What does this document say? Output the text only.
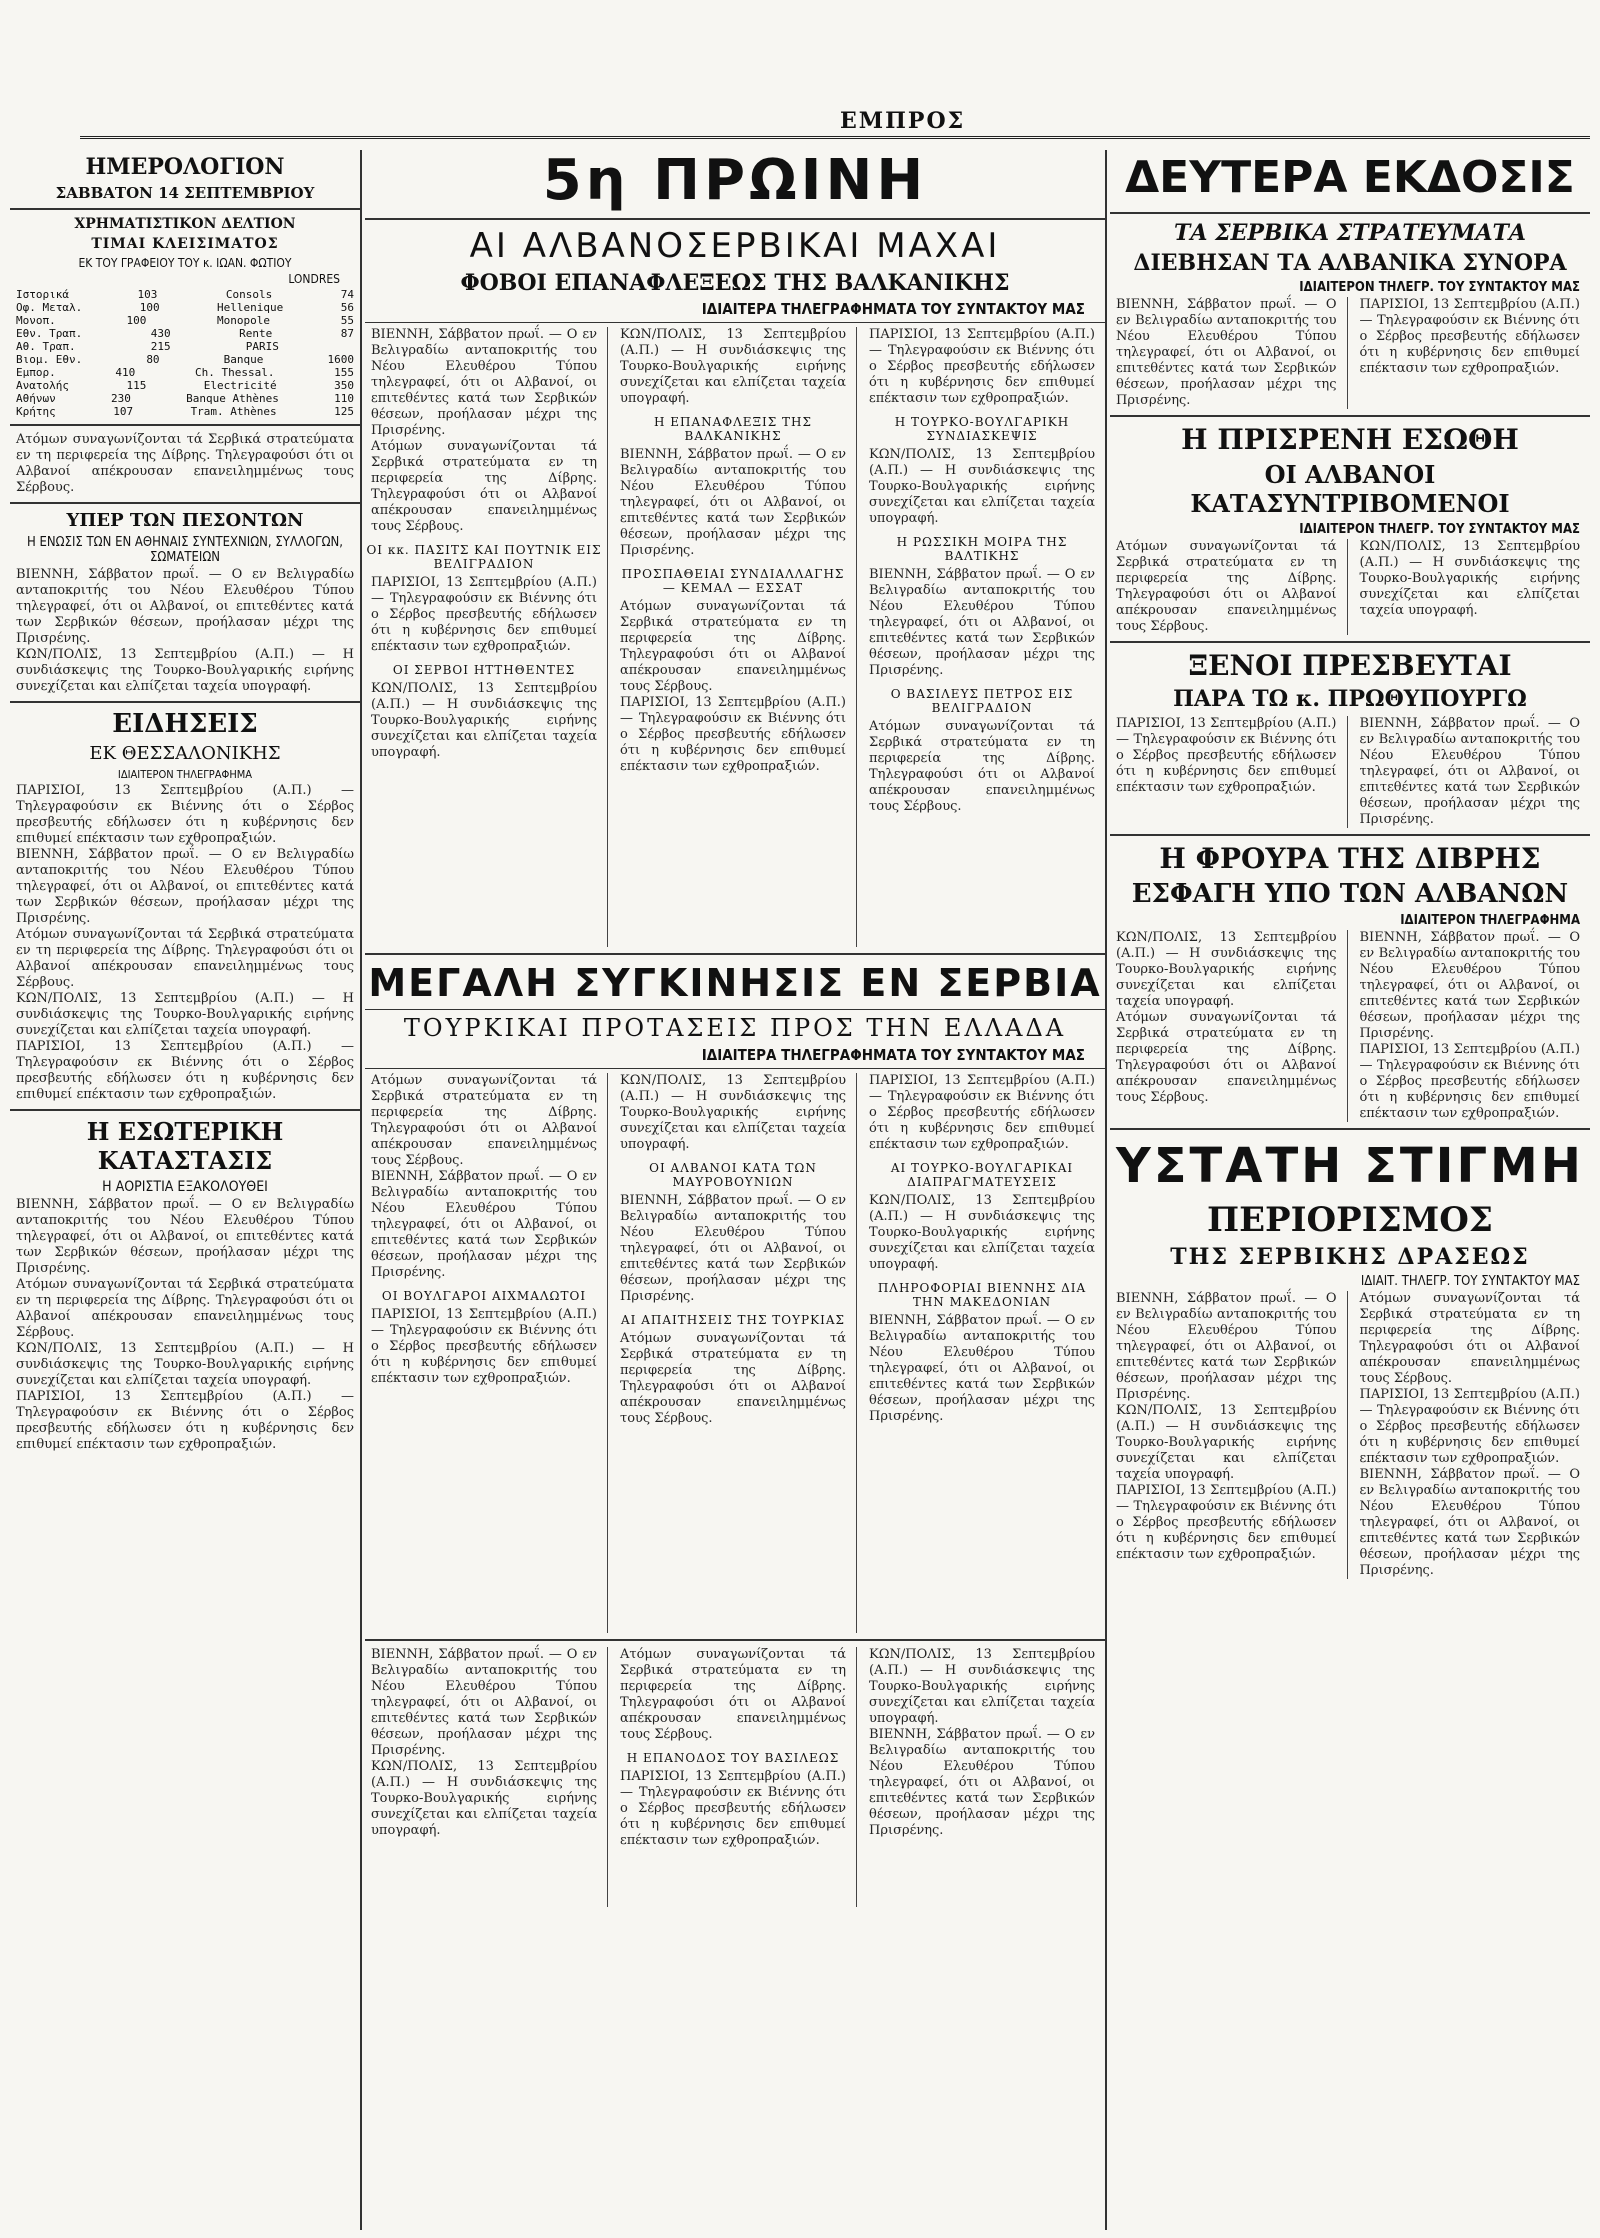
ΕΜΠΡΟΣ
ΗΜΕΡΟΛΟΓΙΟΝ
ΣΑΒΒΑΤΟΝ 14 ΣΕΠΤΕΜΒΡΙΟΥ
ΧΡΗΜΑΤΙΣΤΙΚΟΝ ΔΕΛΤΙΟΝ
ΤΙΜΑΙ ΚΛΕΙΣΙΜΑΤΟΣ
ΕΚ ΤΟΥ ΓΡΑΦΕΙΟΥ ΤΟΥ κ. ΙΩΑΝ. ΦΩΤΙΟΥ
LONDRES
Ιστορικά	103	Consols	74
Οφ. Μεταλ.	100	Hellenique	56
Μονοπ.	100	Monopole	55
Εθν. Τραπ.	430	Rente	87
Αθ. Τραπ.	215	PARIS
Βιομ. Εθν.	80	Banque	1600
Εμπορ.	410	Ch. Thessal.	155
Ανατολής	115	Electricité	350
Αθήνων	230	Banque Athènes	110
Κρήτης	107	Tram. Athènes	125
Ατόμων συναγωνίζονται τά Σερβικά στρατεύματα εν τη περιφερεία της Δίβρης. Τηλεγραφούσι ότι οι Αλβανοί απέκρουσαν επανειλημμένως τους Σέρβους.
ΥΠΕΡ ΤΩΝ ΠΕΣΟΝΤΩΝ
Η ΕΝΩΣΙΣ ΤΩΝ ΕΝ ΑΘΗΝΑΙΣ ΣΥΝΤΕΧΝΙΩΝ, ΣΥΛΛΟΓΩΝ, ΣΩΜΑΤΕΙΩΝ
ΒΙΕΝΝΗ, Σάββατον πρωΐ. — Ο εν Βελιγραδίω ανταποκριτής του Νέου Ελευθέρου Τύπου τηλεγραφεί, ότι οι Αλβανοί, οι επιτεθέντες κατά των Σερβικών θέσεων, προήλασαν μέχρι της Πρισρένης.
ΚΩΝ/ΠΟΛΙΣ, 13 Σεπτεμβρίου (Α.Π.) — Η συνδιάσκεψις της Τουρκο-Βουλγαρικής ειρήνης συνεχίζεται και ελπίζεται ταχεία υπογραφή.
ΕΙΔΗΣΕΙΣ
ΕΚ ΘΕΣΣΑΛΟΝΙΚΗΣ
ΙΔΙΑΙΤΕΡΟΝ ΤΗΛΕΓΡΑΦΗΜΑ
ΠΑΡΙΣΙΟΙ, 13 Σεπτεμβρίου (Α.Π.) — Τηλεγραφούσιν εκ Βιέννης ότι ο Σέρβος πρεσβευτής εδήλωσεν ότι η κυβέρνησις δεν επιθυμεί επέκτασιν των εχθροπραξιών.
ΒΙΕΝΝΗ, Σάββατον πρωΐ. — Ο εν Βελιγραδίω ανταποκριτής του Νέου Ελευθέρου Τύπου τηλεγραφεί, ότι οι Αλβανοί, οι επιτεθέντες κατά των Σερβικών θέσεων, προήλασαν μέχρι της Πρισρένης.
Ατόμων συναγωνίζονται τά Σερβικά στρατεύματα εν τη περιφερεία της Δίβρης. Τηλεγραφούσι ότι οι Αλβανοί απέκρουσαν επανειλημμένως τους Σέρβους.
ΚΩΝ/ΠΟΛΙΣ, 13 Σεπτεμβρίου (Α.Π.) — Η συνδιάσκεψις της Τουρκο-Βουλγαρικής ειρήνης συνεχίζεται και ελπίζεται ταχεία υπογραφή.
ΠΑΡΙΣΙΟΙ, 13 Σεπτεμβρίου (Α.Π.) — Τηλεγραφούσιν εκ Βιέννης ότι ο Σέρβος πρεσβευτής εδήλωσεν ότι η κυβέρνησις δεν επιθυμεί επέκτασιν των εχθροπραξιών.
Η ΕΣΩΤΕΡΙΚΗ ΚΑΤΑΣΤΑΣΙΣ
Η ΑΟΡΙΣΤΙΑ ΕΞΑΚΟΛΟΥΘΕΙ
ΒΙΕΝΝΗ, Σάββατον πρωΐ. — Ο εν Βελιγραδίω ανταποκριτής του Νέου Ελευθέρου Τύπου τηλεγραφεί, ότι οι Αλβανοί, οι επιτεθέντες κατά των Σερβικών θέσεων, προήλασαν μέχρι της Πρισρένης.
Ατόμων συναγωνίζονται τά Σερβικά στρατεύματα εν τη περιφερεία της Δίβρης. Τηλεγραφούσι ότι οι Αλβανοί απέκρουσαν επανειλημμένως τους Σέρβους.
ΚΩΝ/ΠΟΛΙΣ, 13 Σεπτεμβρίου (Α.Π.) — Η συνδιάσκεψις της Τουρκο-Βουλγαρικής ειρήνης συνεχίζεται και ελπίζεται ταχεία υπογραφή.
ΠΑΡΙΣΙΟΙ, 13 Σεπτεμβρίου (Α.Π.) — Τηλεγραφούσιν εκ Βιέννης ότι ο Σέρβος πρεσβευτής εδήλωσεν ότι η κυβέρνησις δεν επιθυμεί επέκτασιν των εχθροπραξιών.
5η ΠΡΩΙΝΗ
ΑΙ ΑΛΒΑΝΟΣΕΡΒΙΚΑΙ ΜΑΧΑΙ
ΦΟΒΟΙ ΕΠΑΝΑΦΛΕΞΕΩΣ ΤΗΣ ΒΑΛΚΑΝΙΚΗΣ
ΙΔΙΑΙΤΕΡΑ ΤΗΛΕΓΡΑΦΗΜΑΤΑ ΤΟΥ ΣΥΝΤΑΚΤΟΥ ΜΑΣ
ΒΙΕΝΝΗ, Σάββατον πρωΐ. — Ο εν Βελιγραδίω ανταποκριτής του Νέου Ελευθέρου Τύπου τηλεγραφεί, ότι οι Αλβανοί, οι επιτεθέντες κατά των Σερβικών θέσεων, προήλασαν μέχρι της Πρισρένης.
Ατόμων συναγωνίζονται τά Σερβικά στρατεύματα εν τη περιφερεία της Δίβρης. Τηλεγραφούσι ότι οι Αλβανοί απέκρουσαν επανειλημμένως τους Σέρβους.
ΟΙ κκ. ΠΑΣΙΤΣ ΚΑΙ ΠΟΥΤΝΙΚ ΕΙΣ ΒΕΛΙΓΡΑΔΙΟΝ
ΠΑΡΙΣΙΟΙ, 13 Σεπτεμβρίου (Α.Π.) — Τηλεγραφούσιν εκ Βιέννης ότι ο Σέρβος πρεσβευτής εδήλωσεν ότι η κυβέρνησις δεν επιθυμεί επέκτασιν των εχθροπραξιών.
ΟΙ ΣΕΡΒΟΙ ΗΤΤΗΘΕΝΤΕΣ
ΚΩΝ/ΠΟΛΙΣ, 13 Σεπτεμβρίου (Α.Π.) — Η συνδιάσκεψις της Τουρκο-Βουλγαρικής ειρήνης συνεχίζεται και ελπίζεται ταχεία υπογραφή.
ΚΩΝ/ΠΟΛΙΣ, 13 Σεπτεμβρίου (Α.Π.) — Η συνδιάσκεψις της Τουρκο-Βουλγαρικής ειρήνης συνεχίζεται και ελπίζεται ταχεία υπογραφή.
Η ΕΠΑΝΑΦΛΕΞΙΣ ΤΗΣ ΒΑΛΚΑΝΙΚΗΣ
ΒΙΕΝΝΗ, Σάββατον πρωΐ. — Ο εν Βελιγραδίω ανταποκριτής του Νέου Ελευθέρου Τύπου τηλεγραφεί, ότι οι Αλβανοί, οι επιτεθέντες κατά των Σερβικών θέσεων, προήλασαν μέχρι της Πρισρένης.
ΠΡΟΣΠΑΘΕΙΑΙ ΣΥΝΔΙΑΛΛΑΓΗΣ — ΚΕΜΑΛ — ΕΣΣΑΤ
Ατόμων συναγωνίζονται τά Σερβικά στρατεύματα εν τη περιφερεία της Δίβρης. Τηλεγραφούσι ότι οι Αλβανοί απέκρουσαν επανειλημμένως τους Σέρβους.
ΠΑΡΙΣΙΟΙ, 13 Σεπτεμβρίου (Α.Π.) — Τηλεγραφούσιν εκ Βιέννης ότι ο Σέρβος πρεσβευτής εδήλωσεν ότι η κυβέρνησις δεν επιθυμεί επέκτασιν των εχθροπραξιών.
ΠΑΡΙΣΙΟΙ, 13 Σεπτεμβρίου (Α.Π.) — Τηλεγραφούσιν εκ Βιέννης ότι ο Σέρβος πρεσβευτής εδήλωσεν ότι η κυβέρνησις δεν επιθυμεί επέκτασιν των εχθροπραξιών.
Η ΤΟΥΡΚΟ-ΒΟΥΛΓΑΡΙΚΗ ΣΥΝΔΙΑΣΚΕΨΙΣ
ΚΩΝ/ΠΟΛΙΣ, 13 Σεπτεμβρίου (Α.Π.) — Η συνδιάσκεψις της Τουρκο-Βουλγαρικής ειρήνης συνεχίζεται και ελπίζεται ταχεία υπογραφή.
Η ΡΩΣΣΙΚΗ ΜΟΙΡΑ ΤΗΣ ΒΑΛΤΙΚΗΣ
ΒΙΕΝΝΗ, Σάββατον πρωΐ. — Ο εν Βελιγραδίω ανταποκριτής του Νέου Ελευθέρου Τύπου τηλεγραφεί, ότι οι Αλβανοί, οι επιτεθέντες κατά των Σερβικών θέσεων, προήλασαν μέχρι της Πρισρένης.
Ο ΒΑΣΙΛΕΥΣ ΠΕΤΡΟΣ ΕΙΣ ΒΕΛΙΓΡΑΔΙΟΝ
Ατόμων συναγωνίζονται τά Σερβικά στρατεύματα εν τη περιφερεία της Δίβρης. Τηλεγραφούσι ότι οι Αλβανοί απέκρουσαν επανειλημμένως τους Σέρβους.
ΜΕΓΑΛΗ ΣΥΓΚΙΝΗΣΙΣ ΕΝ ΣΕΡΒΙΑ
ΤΟΥΡΚΙΚΑΙ ΠΡΟΤΑΣΕΙΣ ΠΡΟΣ ΤΗΝ ΕΛΛΑΔΑ
ΙΔΙΑΙΤΕΡΑ ΤΗΛΕΓΡΑΦΗΜΑΤΑ ΤΟΥ ΣΥΝΤΑΚΤΟΥ ΜΑΣ
Ατόμων συναγωνίζονται τά Σερβικά στρατεύματα εν τη περιφερεία της Δίβρης. Τηλεγραφούσι ότι οι Αλβανοί απέκρουσαν επανειλημμένως τους Σέρβους.
ΒΙΕΝΝΗ, Σάββατον πρωΐ. — Ο εν Βελιγραδίω ανταποκριτής του Νέου Ελευθέρου Τύπου τηλεγραφεί, ότι οι Αλβανοί, οι επιτεθέντες κατά των Σερβικών θέσεων, προήλασαν μέχρι της Πρισρένης.
ΟΙ ΒΟΥΛΓΑΡΟΙ ΑΙΧΜΑΛΩΤΟΙ
ΠΑΡΙΣΙΟΙ, 13 Σεπτεμβρίου (Α.Π.) — Τηλεγραφούσιν εκ Βιέννης ότι ο Σέρβος πρεσβευτής εδήλωσεν ότι η κυβέρνησις δεν επιθυμεί επέκτασιν των εχθροπραξιών.
ΚΩΝ/ΠΟΛΙΣ, 13 Σεπτεμβρίου (Α.Π.) — Η συνδιάσκεψις της Τουρκο-Βουλγαρικής ειρήνης συνεχίζεται και ελπίζεται ταχεία υπογραφή.
ΟΙ ΑΛΒΑΝΟΙ ΚΑΤΑ ΤΩΝ ΜΑΥΡΟΒΟΥΝΙΩΝ
ΒΙΕΝΝΗ, Σάββατον πρωΐ. — Ο εν Βελιγραδίω ανταποκριτής του Νέου Ελευθέρου Τύπου τηλεγραφεί, ότι οι Αλβανοί, οι επιτεθέντες κατά των Σερβικών θέσεων, προήλασαν μέχρι της Πρισρένης.
ΑΙ ΑΠΑΙΤΗΣΕΙΣ ΤΗΣ ΤΟΥΡΚΙΑΣ
Ατόμων συναγωνίζονται τά Σερβικά στρατεύματα εν τη περιφερεία της Δίβρης. Τηλεγραφούσι ότι οι Αλβανοί απέκρουσαν επανειλημμένως τους Σέρβους.
ΠΑΡΙΣΙΟΙ, 13 Σεπτεμβρίου (Α.Π.) — Τηλεγραφούσιν εκ Βιέννης ότι ο Σέρβος πρεσβευτής εδήλωσεν ότι η κυβέρνησις δεν επιθυμεί επέκτασιν των εχθροπραξιών.
ΑΙ ΤΟΥΡΚΟ-ΒΟΥΛΓΑΡΙΚΑΙ ΔΙΑΠΡΑΓΜΑΤΕΥΣΕΙΣ
ΚΩΝ/ΠΟΛΙΣ, 13 Σεπτεμβρίου (Α.Π.) — Η συνδιάσκεψις της Τουρκο-Βουλγαρικής ειρήνης συνεχίζεται και ελπίζεται ταχεία υπογραφή.
ΠΛΗΡΟΦΟΡΙΑΙ ΒΙΕΝΝΗΣ ΔΙΑ ΤΗΝ ΜΑΚΕΔΟΝΙΑΝ
ΒΙΕΝΝΗ, Σάββατον πρωΐ. — Ο εν Βελιγραδίω ανταποκριτής του Νέου Ελευθέρου Τύπου τηλεγραφεί, ότι οι Αλβανοί, οι επιτεθέντες κατά των Σερβικών θέσεων, προήλασαν μέχρι της Πρισρένης.
ΒΙΕΝΝΗ, Σάββατον πρωΐ. — Ο εν Βελιγραδίω ανταποκριτής του Νέου Ελευθέρου Τύπου τηλεγραφεί, ότι οι Αλβανοί, οι επιτεθέντες κατά των Σερβικών θέσεων, προήλασαν μέχρι της Πρισρένης.
ΚΩΝ/ΠΟΛΙΣ, 13 Σεπτεμβρίου (Α.Π.) — Η συνδιάσκεψις της Τουρκο-Βουλγαρικής ειρήνης συνεχίζεται και ελπίζεται ταχεία υπογραφή.
Ατόμων συναγωνίζονται τά Σερβικά στρατεύματα εν τη περιφερεία της Δίβρης. Τηλεγραφούσι ότι οι Αλβανοί απέκρουσαν επανειλημμένως τους Σέρβους.
Η ΕΠΑΝΟΔΟΣ ΤΟΥ ΒΑΣΙΛΕΩΣ
ΠΑΡΙΣΙΟΙ, 13 Σεπτεμβρίου (Α.Π.) — Τηλεγραφούσιν εκ Βιέννης ότι ο Σέρβος πρεσβευτής εδήλωσεν ότι η κυβέρνησις δεν επιθυμεί επέκτασιν των εχθροπραξιών.
ΚΩΝ/ΠΟΛΙΣ, 13 Σεπτεμβρίου (Α.Π.) — Η συνδιάσκεψις της Τουρκο-Βουλγαρικής ειρήνης συνεχίζεται και ελπίζεται ταχεία υπογραφή.
ΒΙΕΝΝΗ, Σάββατον πρωΐ. — Ο εν Βελιγραδίω ανταποκριτής του Νέου Ελευθέρου Τύπου τηλεγραφεί, ότι οι Αλβανοί, οι επιτεθέντες κατά των Σερβικών θέσεων, προήλασαν μέχρι της Πρισρένης.
ΔΕΥΤΕΡΑ ΕΚΔΟΣΙΣ
ΤΑ ΣΕΡΒΙΚΑ ΣΤΡΑΤΕΥΜΑΤΑ
ΔΙΕΒΗΣΑΝ ΤΑ ΑΛΒΑΝΙΚΑ ΣΥΝΟΡΑ
ΙΔΙΑΙΤΕΡΟΝ ΤΗΛΕΓΡ. ΤΟΥ ΣΥΝΤΑΚΤΟΥ ΜΑΣ
ΒΙΕΝΝΗ, Σάββατον πρωΐ. — Ο εν Βελιγραδίω ανταποκριτής του Νέου Ελευθέρου Τύπου τηλεγραφεί, ότι οι Αλβανοί, οι επιτεθέντες κατά των Σερβικών θέσεων, προήλασαν μέχρι της Πρισρένης.
ΠΑΡΙΣΙΟΙ, 13 Σεπτεμβρίου (Α.Π.) — Τηλεγραφούσιν εκ Βιέννης ότι ο Σέρβος πρεσβευτής εδήλωσεν ότι η κυβέρνησις δεν επιθυμεί επέκτασιν των εχθροπραξιών.
Η ΠΡΙΣΡΕΝΗ ΕΣΩΘΗ
ΟΙ ΑΛΒΑΝΟΙ ΚΑΤΑΣΥΝΤΡΙΒΟΜΕΝΟΙ
ΙΔΙΑΙΤΕΡΟΝ ΤΗΛΕΓΡ. ΤΟΥ ΣΥΝΤΑΚΤΟΥ ΜΑΣ
Ατόμων συναγωνίζονται τά Σερβικά στρατεύματα εν τη περιφερεία της Δίβρης. Τηλεγραφούσι ότι οι Αλβανοί απέκρουσαν επανειλημμένως τους Σέρβους.
ΚΩΝ/ΠΟΛΙΣ, 13 Σεπτεμβρίου (Α.Π.) — Η συνδιάσκεψις της Τουρκο-Βουλγαρικής ειρήνης συνεχίζεται και ελπίζεται ταχεία υπογραφή.
ΞΕΝΟΙ ΠΡΕΣΒΕΥΤΑΙ
ΠΑΡΑ ΤΩ κ. ΠΡΩΘΥΠΟΥΡΓΩ
ΠΑΡΙΣΙΟΙ, 13 Σεπτεμβρίου (Α.Π.) — Τηλεγραφούσιν εκ Βιέννης ότι ο Σέρβος πρεσβευτής εδήλωσεν ότι η κυβέρνησις δεν επιθυμεί επέκτασιν των εχθροπραξιών.
ΒΙΕΝΝΗ, Σάββατον πρωΐ. — Ο εν Βελιγραδίω ανταποκριτής του Νέου Ελευθέρου Τύπου τηλεγραφεί, ότι οι Αλβανοί, οι επιτεθέντες κατά των Σερβικών θέσεων, προήλασαν μέχρι της Πρισρένης.
Η ΦΡΟΥΡΑ ΤΗΣ ΔΙΒΡΗΣ
ΕΣΦΑΓΗ ΥΠΟ ΤΩΝ ΑΛΒΑΝΩΝ
ΙΔΙΑΙΤΕΡΟΝ ΤΗΛΕΓΡΑΦΗΜΑ
ΚΩΝ/ΠΟΛΙΣ, 13 Σεπτεμβρίου (Α.Π.) — Η συνδιάσκεψις της Τουρκο-Βουλγαρικής ειρήνης συνεχίζεται και ελπίζεται ταχεία υπογραφή.
Ατόμων συναγωνίζονται τά Σερβικά στρατεύματα εν τη περιφερεία της Δίβρης. Τηλεγραφούσι ότι οι Αλβανοί απέκρουσαν επανειλημμένως τους Σέρβους.
ΒΙΕΝΝΗ, Σάββατον πρωΐ. — Ο εν Βελιγραδίω ανταποκριτής του Νέου Ελευθέρου Τύπου τηλεγραφεί, ότι οι Αλβανοί, οι επιτεθέντες κατά των Σερβικών θέσεων, προήλασαν μέχρι της Πρισρένης.
ΠΑΡΙΣΙΟΙ, 13 Σεπτεμβρίου (Α.Π.) — Τηλεγραφούσιν εκ Βιέννης ότι ο Σέρβος πρεσβευτής εδήλωσεν ότι η κυβέρνησις δεν επιθυμεί επέκτασιν των εχθροπραξιών.
ΥΣΤΑΤΗ ΣΤΙΓΜΗ
ΠΕΡΙΟΡΙΣΜΟΣ
ΤΗΣ ΣΕΡΒΙΚΗΣ ΔΡΑΣΕΩΣ
ΙΔΙΑΙΤ. ΤΗΛΕΓΡ. ΤΟΥ ΣΥΝΤΑΚΤΟΥ ΜΑΣ
ΒΙΕΝΝΗ, Σάββατον πρωΐ. — Ο εν Βελιγραδίω ανταποκριτής του Νέου Ελευθέρου Τύπου τηλεγραφεί, ότι οι Αλβανοί, οι επιτεθέντες κατά των Σερβικών θέσεων, προήλασαν μέχρι της Πρισρένης.
ΚΩΝ/ΠΟΛΙΣ, 13 Σεπτεμβρίου (Α.Π.) — Η συνδιάσκεψις της Τουρκο-Βουλγαρικής ειρήνης συνεχίζεται και ελπίζεται ταχεία υπογραφή.
ΠΑΡΙΣΙΟΙ, 13 Σεπτεμβρίου (Α.Π.) — Τηλεγραφούσιν εκ Βιέννης ότι ο Σέρβος πρεσβευτής εδήλωσεν ότι η κυβέρνησις δεν επιθυμεί επέκτασιν των εχθροπραξιών.
Ατόμων συναγωνίζονται τά Σερβικά στρατεύματα εν τη περιφερεία της Δίβρης. Τηλεγραφούσι ότι οι Αλβανοί απέκρουσαν επανειλημμένως τους Σέρβους.
ΠΑΡΙΣΙΟΙ, 13 Σεπτεμβρίου (Α.Π.) — Τηλεγραφούσιν εκ Βιέννης ότι ο Σέρβος πρεσβευτής εδήλωσεν ότι η κυβέρνησις δεν επιθυμεί επέκτασιν των εχθροπραξιών.
ΒΙΕΝΝΗ, Σάββατον πρωΐ. — Ο εν Βελιγραδίω ανταποκριτής του Νέου Ελευθέρου Τύπου τηλεγραφεί, ότι οι Αλβανοί, οι επιτεθέντες κατά των Σερβικών θέσεων, προήλασαν μέχρι της Πρισρένης.
